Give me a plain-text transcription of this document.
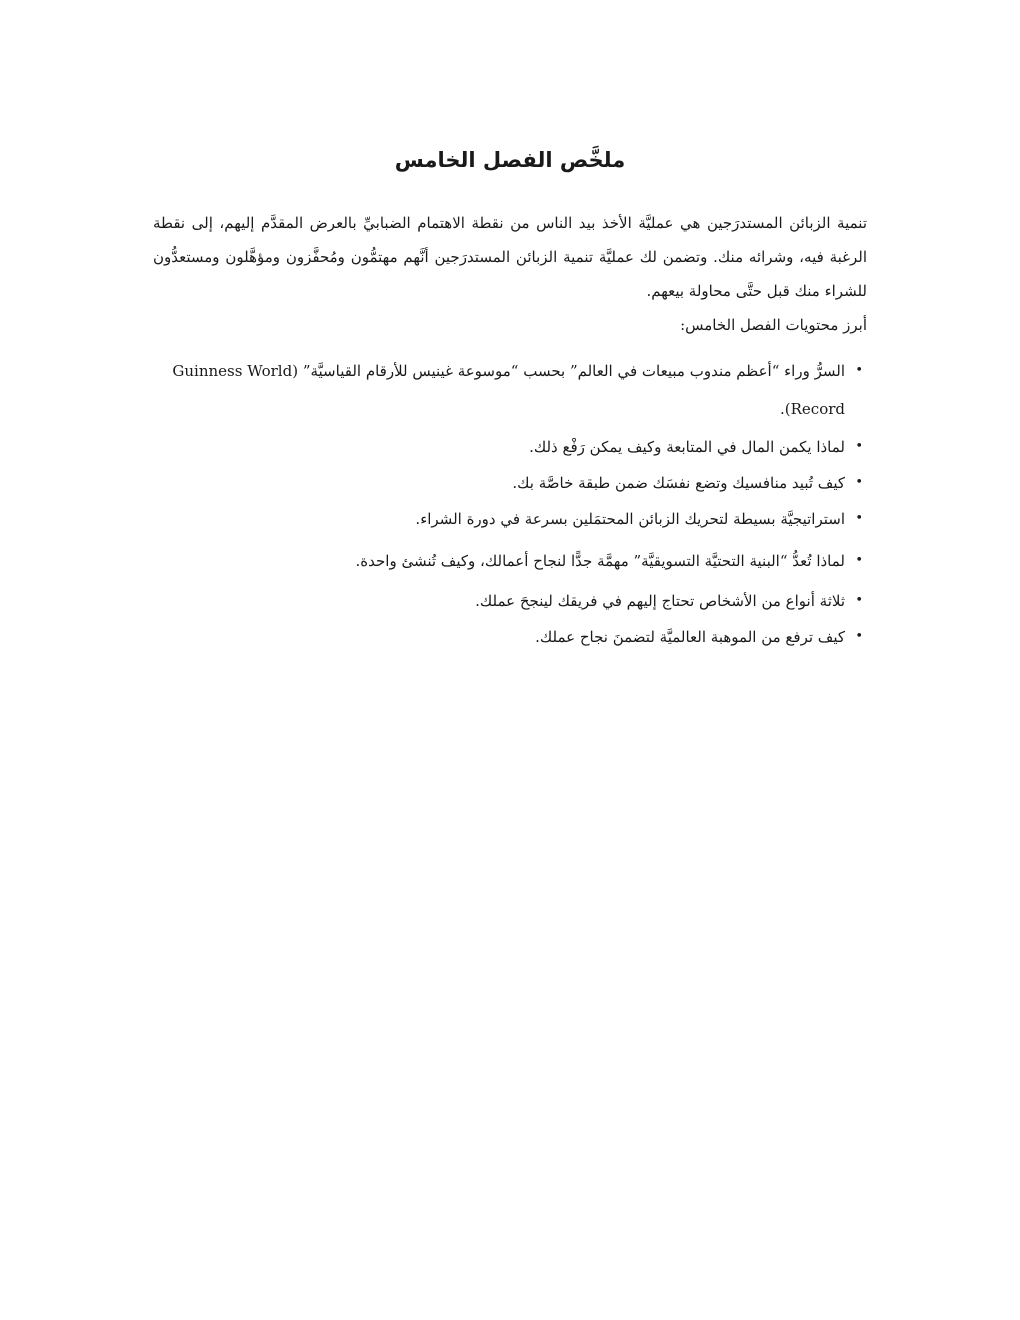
ملخَّص الفصل الخامس

تنمية الزبائن المستدرَجين هي عمليَّة الأخذ بيد الناس من نقطة الاهتمام الضبابيِّ بالعرض المقدَّم إليهم، إلى نقطة الرغبة فيه، وشرائه منك. وتضمن لك عمليَّة تنمية الزبائن المستدرَجين أنَّهم مهتمُّون ومُحفَّزون ومؤهَّلون ومستعدُّون للشراء منك قبل حتَّى محاولة بيعهم.

أبرز محتويات الفصل الخامس:

•
السرُّ وراء “أعظم مندوب مبيعات في العالم” بحسب “موسوعة غينيس للأرقام القياسيَّة” (Guinness World Record).
•
لماذا يكمن المال في المتابعة وكيف يمكن رَفْع ذلك.
•
كيف تُبيد منافسيك وتضع نفسَك ضمن طبقة خاصَّة بك.
•
استراتيجيَّة بسيطة لتحريك الزبائن المحتمَلين بسرعة في دورة الشراء.
•
لماذا تُعدُّ “البنية التحتيَّة التسويقيَّة” مهمَّة جدًّا لنجاح أعمالك، وكيف تُنشئ واحدة.
•
ثلاثة أنواع من الأشخاص تحتاج إليهم في فريقك لينجحَ عملك.
•
كيف ترفع من الموهبة العالميَّة لتضمنَ نجاح عملك.
